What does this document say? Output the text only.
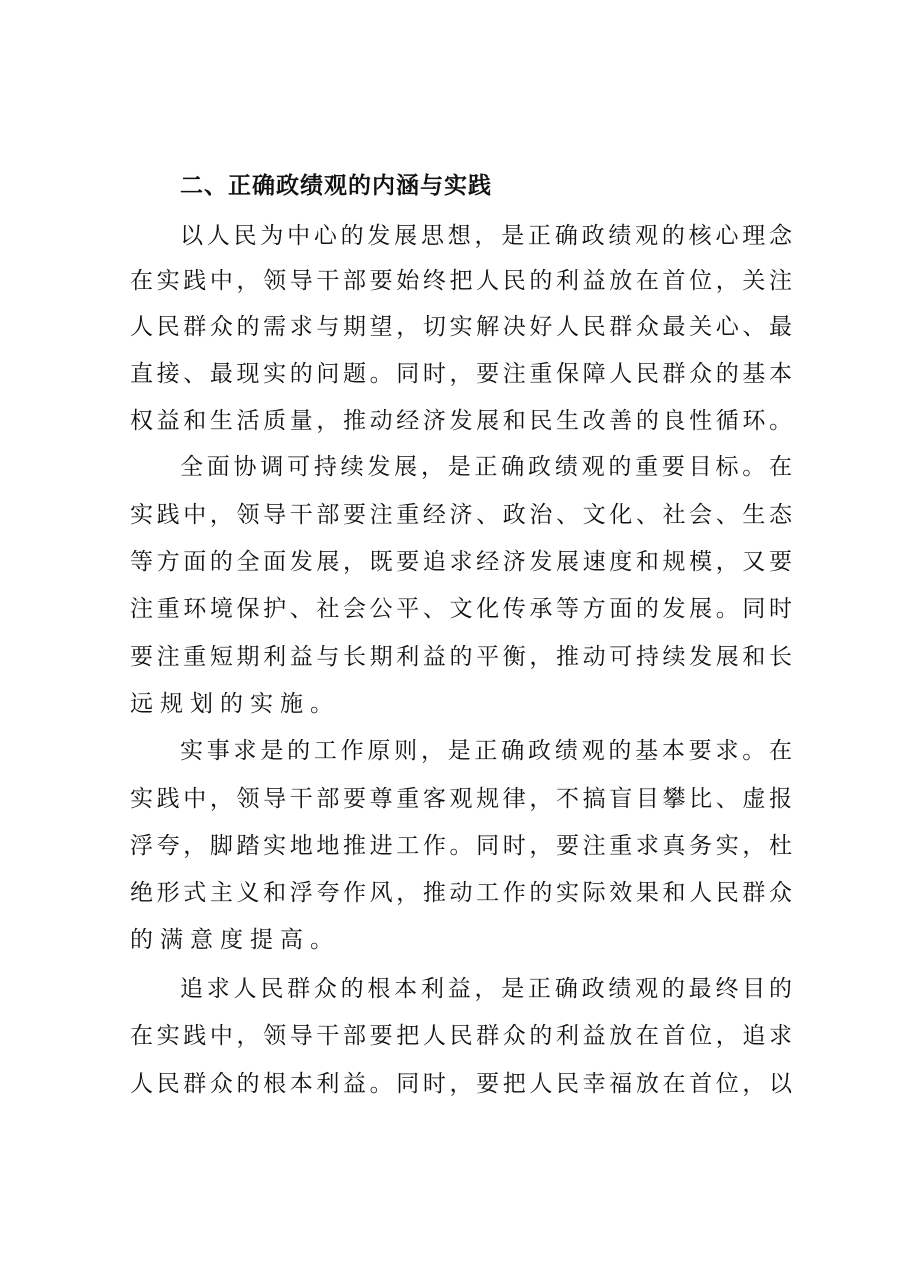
二、正确政绩观的内涵与实践

以人民为中心的发展思想，是正确政绩观的核心理念

在实践中，领导干部要始终把人民的利益放在首位，关注

人民群众的需求与期望，切实解决好人民群众最关心、最

直接、最现实的问题。同时，要注重保障人民群众的基本

权益和生活质量，推动经济发展和民生改善的良性循环。

全面协调可持续发展，是正确政绩观的重要目标。在

实践中，领导干部要注重经济、政治、文化、社会、生态

等方面的全面发展，既要追求经济发展速度和规模，又要

注重环境保护、社会公平、文化传承等方面的发展。同时

要注重短期利益与长期利益的平衡，推动可持续发展和长

远规划的实施。

实事求是的工作原则，是正确政绩观的基本要求。在

实践中，领导干部要尊重客观规律，不搞盲目攀比、虚报

浮夸，脚踏实地地推进工作。同时，要注重求真务实，杜

绝形式主义和浮夸作风，推动工作的实际效果和人民群众

的满意度提高。

追求人民群众的根本利益，是正确政绩观的最终目的

在实践中，领导干部要把人民群众的利益放在首位，追求

人民群众的根本利益。同时，要把人民幸福放在首位，以
